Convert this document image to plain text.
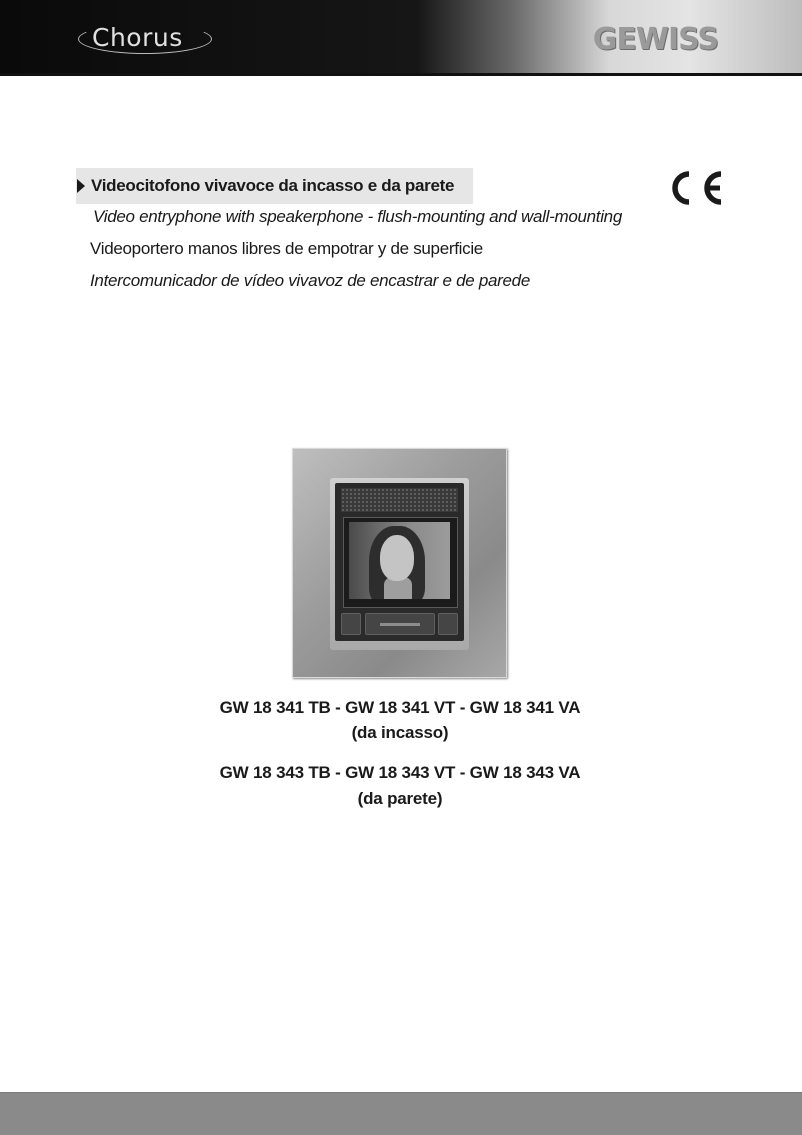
Chorus	GEWISS
Videocitofono vivavoce da incasso e da parete
Video entryphone with speakerphone - flush-mounting and wall-mounting
Videoportero manos libres de empotrar y de superficie
Intercomunicador de vídeo vivavoz de encastrar e de parede
GW 18 341 TB - GW 18 341 VT - GW 18 341 VA
(da incasso)
GW 18 343 TB - GW 18 343 VT - GW 18 343 VA
(da parete)
